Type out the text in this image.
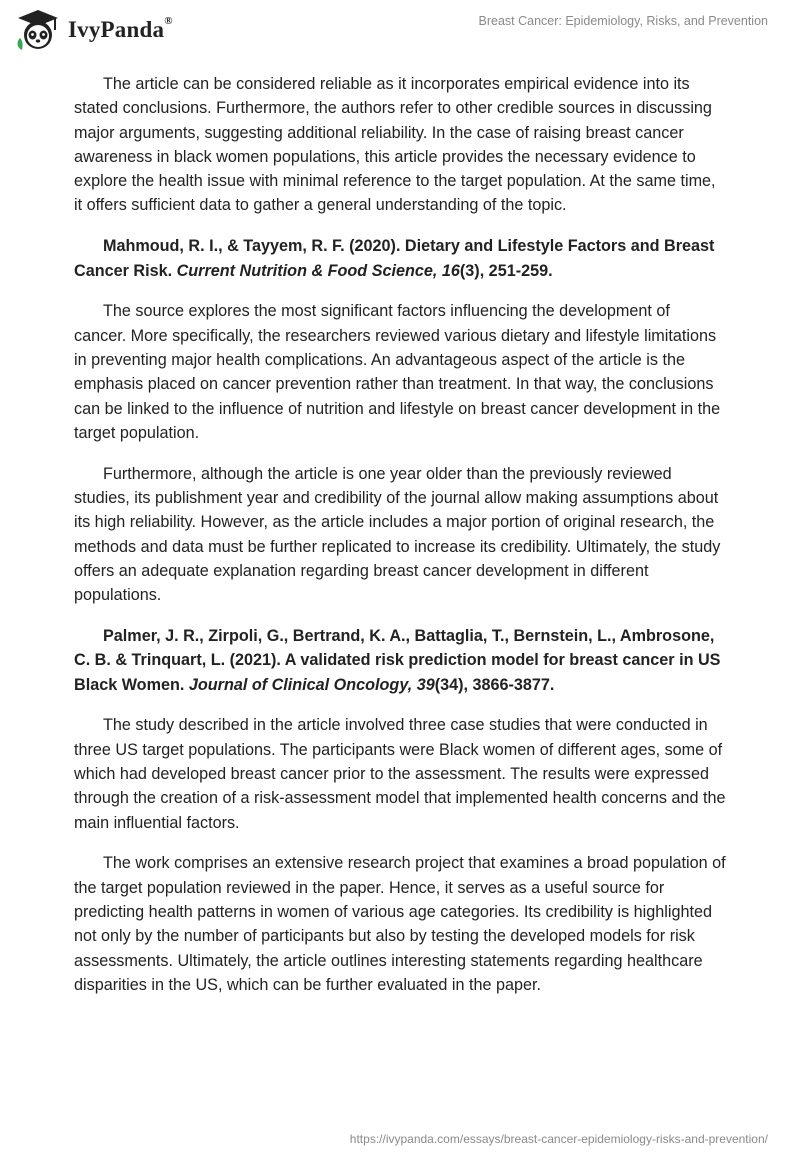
IvyPanda®	Breast Cancer: Epidemiology, Risks, and Prevention

The article can be considered reliable as it incorporates empirical evidence into its stated conclusions. Furthermore, the authors refer to other credible sources in discussing major arguments, suggesting additional reliability. In the case of raising breast cancer awareness in black women populations, this article provides the necessary evidence to explore the health issue with minimal reference to the target population. At the same time, it offers sufficient data to gather a general understanding of the topic.

Mahmoud, R. I., & Tayyem, R. F. (2020). Dietary and Lifestyle Factors and Breast Cancer Risk. Current Nutrition & Food Science, 16(3), 251-259.

The source explores the most significant factors influencing the development of cancer. More specifically, the researchers reviewed various dietary and lifestyle limitations in preventing major health complications. An advantageous aspect of the article is the emphasis placed on cancer prevention rather than treatment. In that way, the conclusions can be linked to the influence of nutrition and lifestyle on breast cancer development in the target population.

Furthermore, although the article is one year older than the previously reviewed studies, its publishment year and credibility of the journal allow making assumptions about its high reliability. However, as the article includes a major portion of original research, the methods and data must be further replicated to increase its credibility. Ultimately, the study offers an adequate explanation regarding breast cancer development in different populations.

Palmer, J. R., Zirpoli, G., Bertrand, K. A., Battaglia, T., Bernstein, L., Ambrosone, C. B. & Trinquart, L. (2021). A validated risk prediction model for breast cancer in US Black Women. Journal of Clinical Oncology, 39(34), 3866-3877.

The study described in the article involved three case studies that were conducted in three US target populations. The participants were Black women of different ages, some of which had developed breast cancer prior to the assessment. The results were expressed through the creation of a risk-assessment model that implemented health concerns and the main influential factors.

The work comprises an extensive research project that examines a broad population of the target population reviewed in the paper. Hence, it serves as a useful source for predicting health patterns in women of various age categories. Its credibility is highlighted not only by the number of participants but also by testing the developed models for risk assessments. Ultimately, the article outlines interesting statements regarding healthcare disparities in the US, which can be further evaluated in the paper.

https://ivypanda.com/essays/breast-cancer-epidemiology-risks-and-prevention/
